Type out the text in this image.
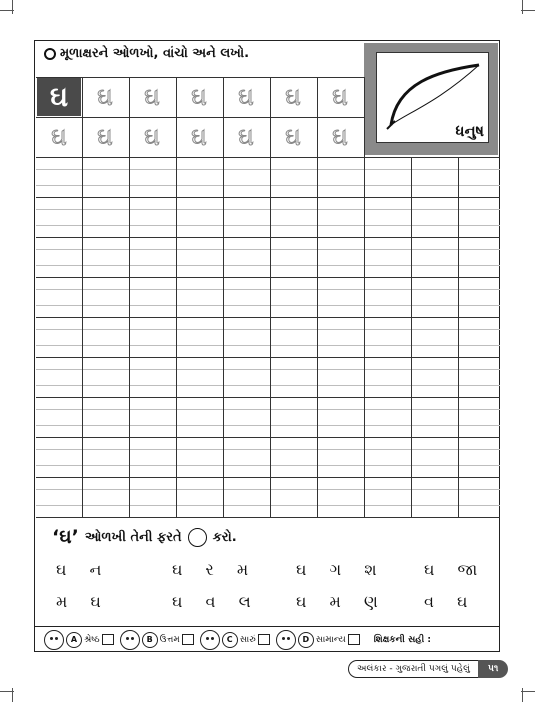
મૂળાક્ષરને ઓળખો, વાંચો અને લખો.
ધનુષ
ઘ	ઘ	ઘ	ઘ	ઘ	ઘ	ઘ
ઘ	ઘ	ઘ	ઘ	ઘ	ઘ	ઘ
‘ઘ’ ઓળખી તેની ફરતે કરો.
ઘ ન	ઘ ર મ ઘ ગ શ ઘ જા
મ ઘ	ઘ વ લ ઘ મ ણ વ ઘ
A શ્રેષ્ઠ	B ઉત્તમ	C સારું	D સામાન્ય	શિક્ષકની સહી :
અલંકાર - ગુજરાતી પગલું પહેલું	૫૧
